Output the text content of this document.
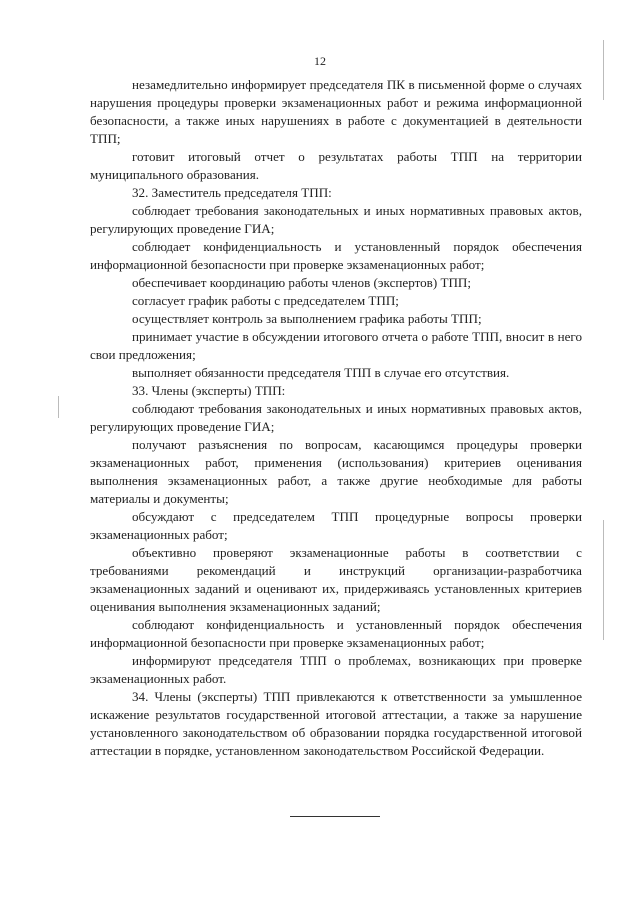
12

незамедлительно информирует председателя ПК в письменной форме о случаях нарушения процедуры проверки экзаменационных работ и режима информационной безопасности, а также иных нарушениях в работе с документацией в деятельности ТПП;

готовит итоговый отчет о результатах работы ТПП на территории муниципального образования.

32. Заместитель председателя ТПП:

соблюдает требования законодательных и иных нормативных правовых актов, регулирующих проведение ГИА;

соблюдает конфиденциальность и установленный порядок обеспечения информационной безопасности при проверке экзаменационных работ;

обеспечивает координацию работы членов (экспертов) ТПП;

согласует график работы с председателем ТПП;

осуществляет контроль за выполнением графика работы ТПП;

принимает участие в обсуждении итогового отчета о работе ТПП, вносит в него свои предложения;

выполняет обязанности председателя ТПП в случае его отсутствия.

33. Члены (эксперты) ТПП:

соблюдают требования законодательных и иных нормативных правовых актов, регулирующих проведение ГИА;

получают разъяснения по вопросам, касающимся процедуры проверки экзаменационных работ, применения (использования) критериев оценивания выполнения экзаменационных работ, а также другие необходимые для работы материалы и документы;

обсуждают с председателем ТПП процедурные вопросы проверки экзаменационных работ;

объективно проверяют экзаменационные работы в соответствии с требованиями рекомендаций и инструкций организации-разработчика экзаменационных заданий и оценивают их, придерживаясь установленных критериев оценивания выполнения экзаменационных заданий;

соблюдают конфиденциальность и установленный порядок обеспечения информационной безопасности при проверке экзаменационных работ;

информируют председателя ТПП о проблемах, возникающих при проверке экзаменационных работ.

34. Члены (эксперты) ТПП привлекаются к ответственности за умышленное искажение результатов государственной итоговой аттестации, а также за нарушение установленного законодательством об образовании порядка государственной итоговой аттестации в порядке, установленном законодательством Российской Федерации.
